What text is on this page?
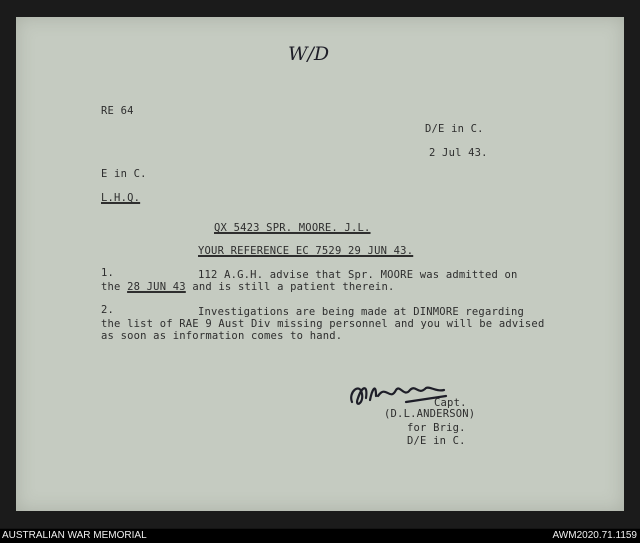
W/D
RE 64
D/E in C.
2 Jul 43.
E in C.
L.H.Q.
QX 5423 SPR. MOORE. J.L.
YOUR REFERENCE EC 7529 29 JUN 43.
1.	112 A.G.H. advise that Spr. MOORE was admitted on
the 28 JUN 43 and is still a patient therein.
2.	Investigations are being made at DINMORE regarding
the list of RAE 9 Aust Div missing personnel and you will be advised
as soon as information comes to hand.
Capt.
(D.L.ANDERSON)
for Brig.
D/E in C.
AUSTRALIAN WAR MEMORIAL	AWM2020.71.1159
